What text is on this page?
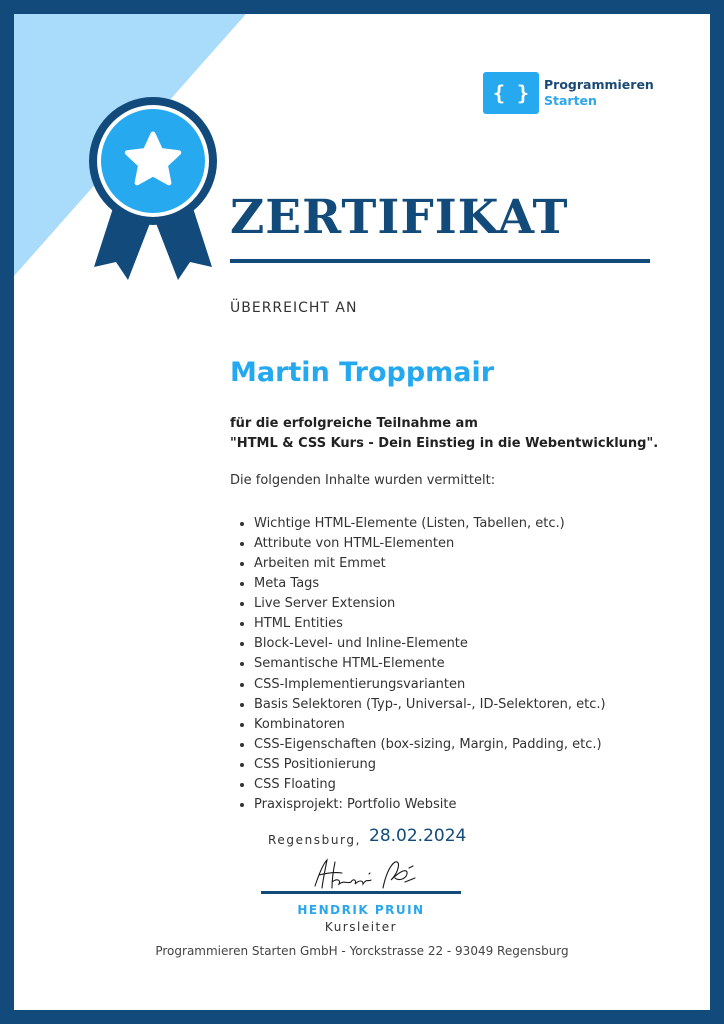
{ } Programmieren
Starten
ZERTIFIKAT
ÜBERREICHT AN
Martin Troppmair
für die erfolgreiche Teilnahme am
"HTML & CSS Kurs - Dein Einstieg in die Webentwicklung".
Die folgenden Inhalte wurden vermittelt:
• Wichtige HTML-Elemente (Listen, Tabellen, etc.)
• Attribute von HTML-Elementen
• Arbeiten mit Emmet
• Meta Tags
• Live Server Extension
• HTML Entities
• Block-Level- und Inline-Elemente
• Semantische HTML-Elemente
• CSS-Implementierungsvarianten
• Basis Selektoren (Typ-, Universal-, ID-Selektoren, etc.)
• Kombinatoren
• CSS-Eigenschaften (box-sizing, Margin, Padding, etc.)
• CSS Positionierung
• CSS Floating
• Praxisprojekt: Portfolio Website
Regensburg, 28.02.2024
HENDRIK PRUIN
Kursleiter
Programmieren Starten GmbH - Yorckstrasse 22 - 93049 Regensburg
